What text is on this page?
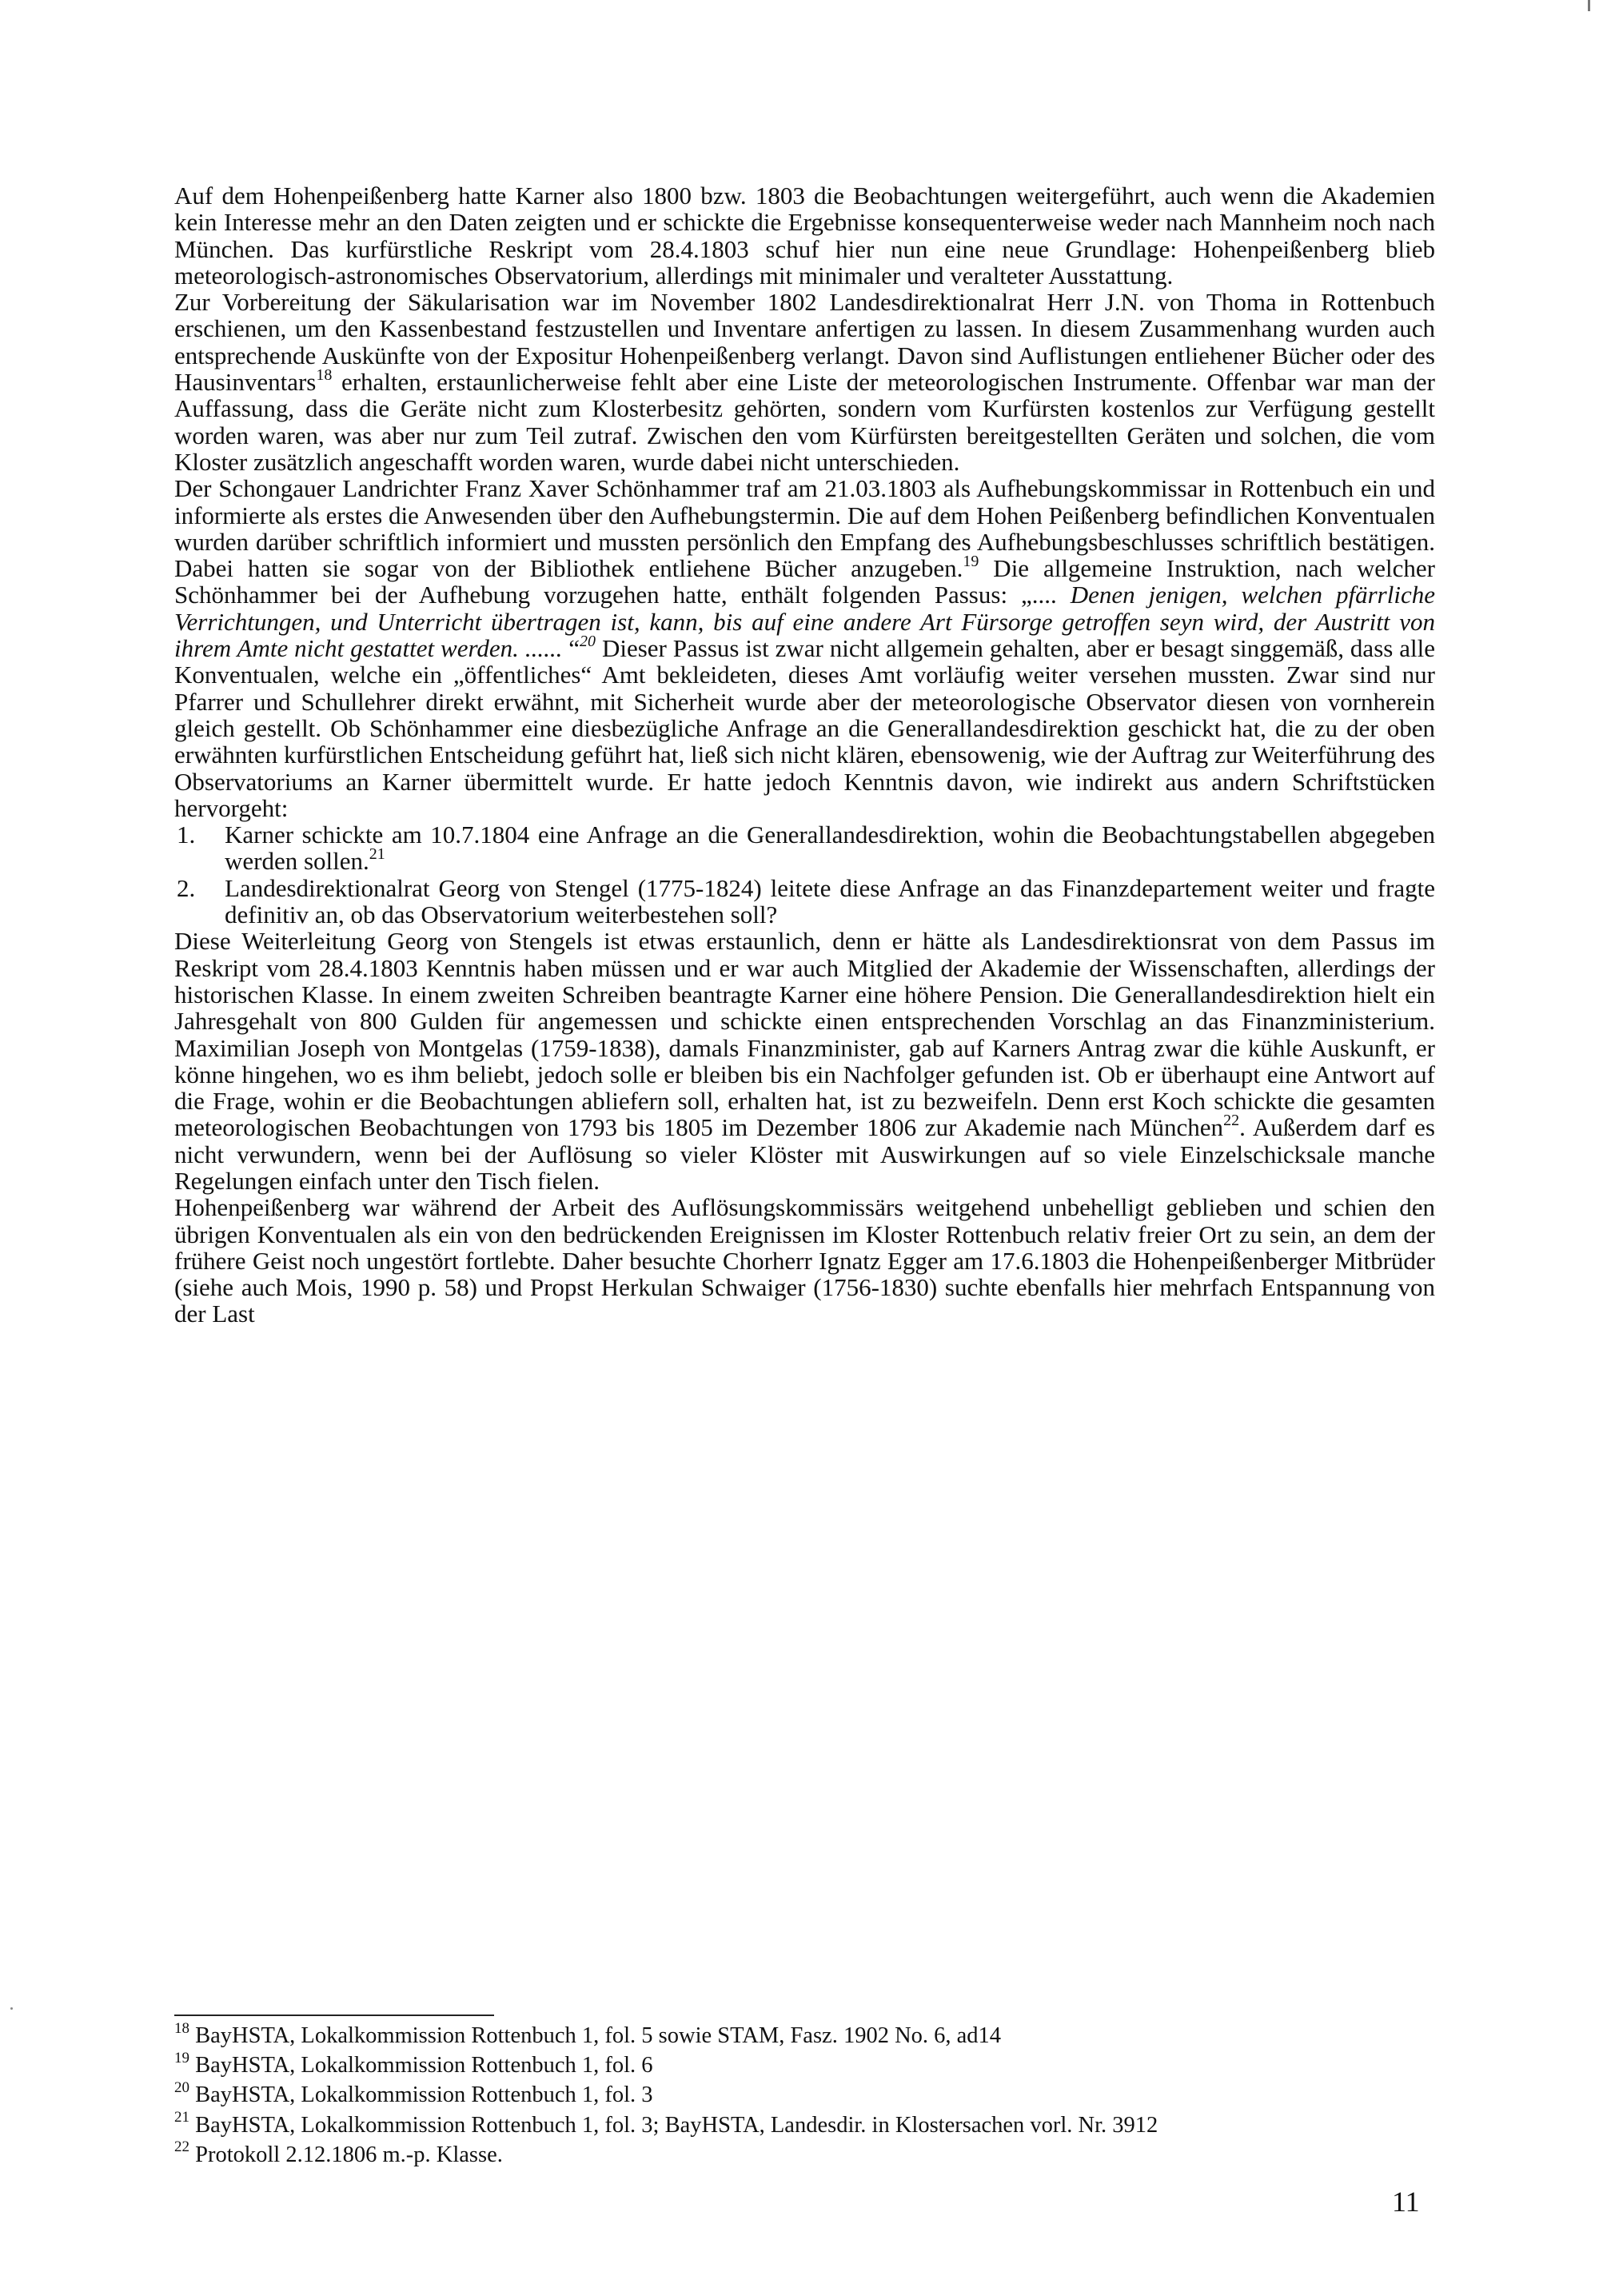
Auf dem Hohenpeißenberg hatte Karner also 1800 bzw. 1803 die Beobachtungen weitergeführt, auch wenn die Akademien kein Interesse mehr an den Daten zeigten und er schickte die Ergebnisse konsequenterweise weder nach Mannheim noch nach München. Das kurfürstliche Reskript vom 28.4.1803 schuf hier nun eine neue Grundlage: Hohenpeißenberg blieb meteorologisch-astronomisches Observatorium, allerdings mit minimaler und veralteter Ausstattung.

Zur Vorbereitung der Säkularisation war im November 1802 Landesdirektionalrat Herr J.N. von Thoma in Rottenbuch erschienen, um den Kassenbestand festzustellen und Inventare anfertigen zu lassen. In diesem Zusammenhang wurden auch entsprechende Auskünfte von der Expositur Hohenpeißenberg verlangt. Davon sind Auflistungen entliehener Bücher oder des Hausinventars$^{18}$ erhalten, erstaunlicherweise fehlt aber eine Liste der meteorologischen Instrumente. Offenbar war man der Auffassung, dass die Geräte nicht zum Klosterbesitz gehörten, sondern vom Kurfürsten kostenlos zur Verfügung gestellt worden waren, was aber nur zum Teil zutraf. Zwischen den vom Kürfürsten bereitgestellten Geräten und solchen, die vom Kloster zusätzlich angeschafft worden waren, wurde dabei nicht unterschieden.

Der Schongauer Landrichter Franz Xaver Schönhammer traf am 21.03.1803 als Aufhebungskommissar in Rottenbuch ein und informierte als erstes die Anwesenden über den Aufhebungstermin. Die auf dem Hohen Peißenberg befindlichen Konventualen wurden darüber schriftlich informiert und mussten persönlich den Empfang des Aufhebungsbeschlusses schriftlich bestätigen. Dabei hatten sie sogar von der Bibliothek entliehene Bücher anzugeben.$^{19}$ Die allgemeine Instruktion, nach welcher Schönhammer bei der Aufhebung vorzugehen hatte, enthält folgenden Passus: „.... Denen jenigen, welchen pfärrliche Verrichtungen, und Unterricht übertragen ist, kann, bis auf eine andere Art Fürsorge getroffen seyn wird, der Austritt von ihrem Amte nicht gestattet werden. ...... “$^{20}$ Dieser Passus ist zwar nicht allgemein gehalten, aber er besagt singgemäß, dass alle Konventualen, welche ein „öffentliches“ Amt bekleideten, dieses Amt vorläufig weiter versehen mussten. Zwar sind nur Pfarrer und Schullehrer direkt erwähnt, mit Sicherheit wurde aber der meteorologische Observator diesen von vornherein gleich gestellt. Ob Schönhammer eine diesbezügliche Anfrage an die Generallandesdirektion geschickt hat, die zu der oben erwähnten kurfürstlichen Entscheidung geführt hat, ließ sich nicht klären, ebensowenig, wie der Auftrag zur Weiterführung des Observatoriums an Karner übermittelt wurde. Er hatte jedoch Kenntnis davon, wie indirekt aus andern Schriftstücken hervorgeht:

1. Karner schickte am 10.7.1804 eine Anfrage an die Generallandesdirektion, wohin die Beobachtungstabellen abgegeben werden sollen.$^{21}$
2. Landesdirektionalrat Georg von Stengel (1775-1824) leitete diese Anfrage an das Finanzdepartement weiter und fragte definitiv an, ob das Observatorium weiterbestehen soll?

Diese Weiterleitung Georg von Stengels ist etwas erstaunlich, denn er hätte als Landesdirektionsrat von dem Passus im Reskript vom 28.4.1803 Kenntnis haben müssen und er war auch Mitglied der Akademie der Wissenschaften, allerdings der historischen Klasse. In einem zweiten Schreiben beantragte Karner eine höhere Pension. Die Generallandesdirektion hielt ein Jahresgehalt von 800 Gulden für angemessen und schickte einen entsprechenden Vorschlag an das Finanzministerium. Maximilian Joseph von Montgelas (1759-1838), damals Finanzminister, gab auf Karners Antrag zwar die kühle Auskunft, er könne hingehen, wo es ihm beliebt, jedoch solle er bleiben bis ein Nachfolger gefunden ist. Ob er überhaupt eine Antwort auf die Frage, wohin er die Beobachtungen abliefern soll, erhalten hat, ist zu bezweifeln. Denn erst Koch schickte die gesamten meteorologischen Beobachtungen von 1793 bis 1805 im Dezember 1806 zur Akademie nach München$^{22}$. Außerdem darf es nicht verwundern, wenn bei der Auflösung so vieler Klöster mit Auswirkungen auf so viele Einzelschicksale manche Regelungen einfach unter den Tisch fielen.

Hohenpeißenberg war während der Arbeit des Auflösungskommissärs weitgehend unbehelligt geblieben und schien den übrigen Konventualen als ein von den bedrückenden Ereignissen im Kloster Rottenbuch relativ freier Ort zu sein, an dem der frühere Geist noch ungestört fortlebte. Daher besuchte Chorherr Ignatz Egger am 17.6.1803 die Hohenpeißenberger Mitbrüder (siehe auch Mois, 1990 p. 58) und Propst Herkulan Schwaiger (1756-1830) suchte ebenfalls hier mehrfach Entspannung von der Last

$^{18}$ BayHSTA, Lokalkommission Rottenbuch 1, fol. 5 sowie STAM, Fasz. 1902 No. 6, ad14

$^{19}$ BayHSTA, Lokalkommission Rottenbuch 1, fol. 6

$^{20}$ BayHSTA, Lokalkommission Rottenbuch 1, fol. 3

$^{21}$ BayHSTA, Lokalkommission Rottenbuch 1, fol. 3; BayHSTA, Landesdir. in Klostersachen vorl. Nr. 3912

$^{22}$ Protokoll 2.12.1806 m.-p. Klasse.

11
